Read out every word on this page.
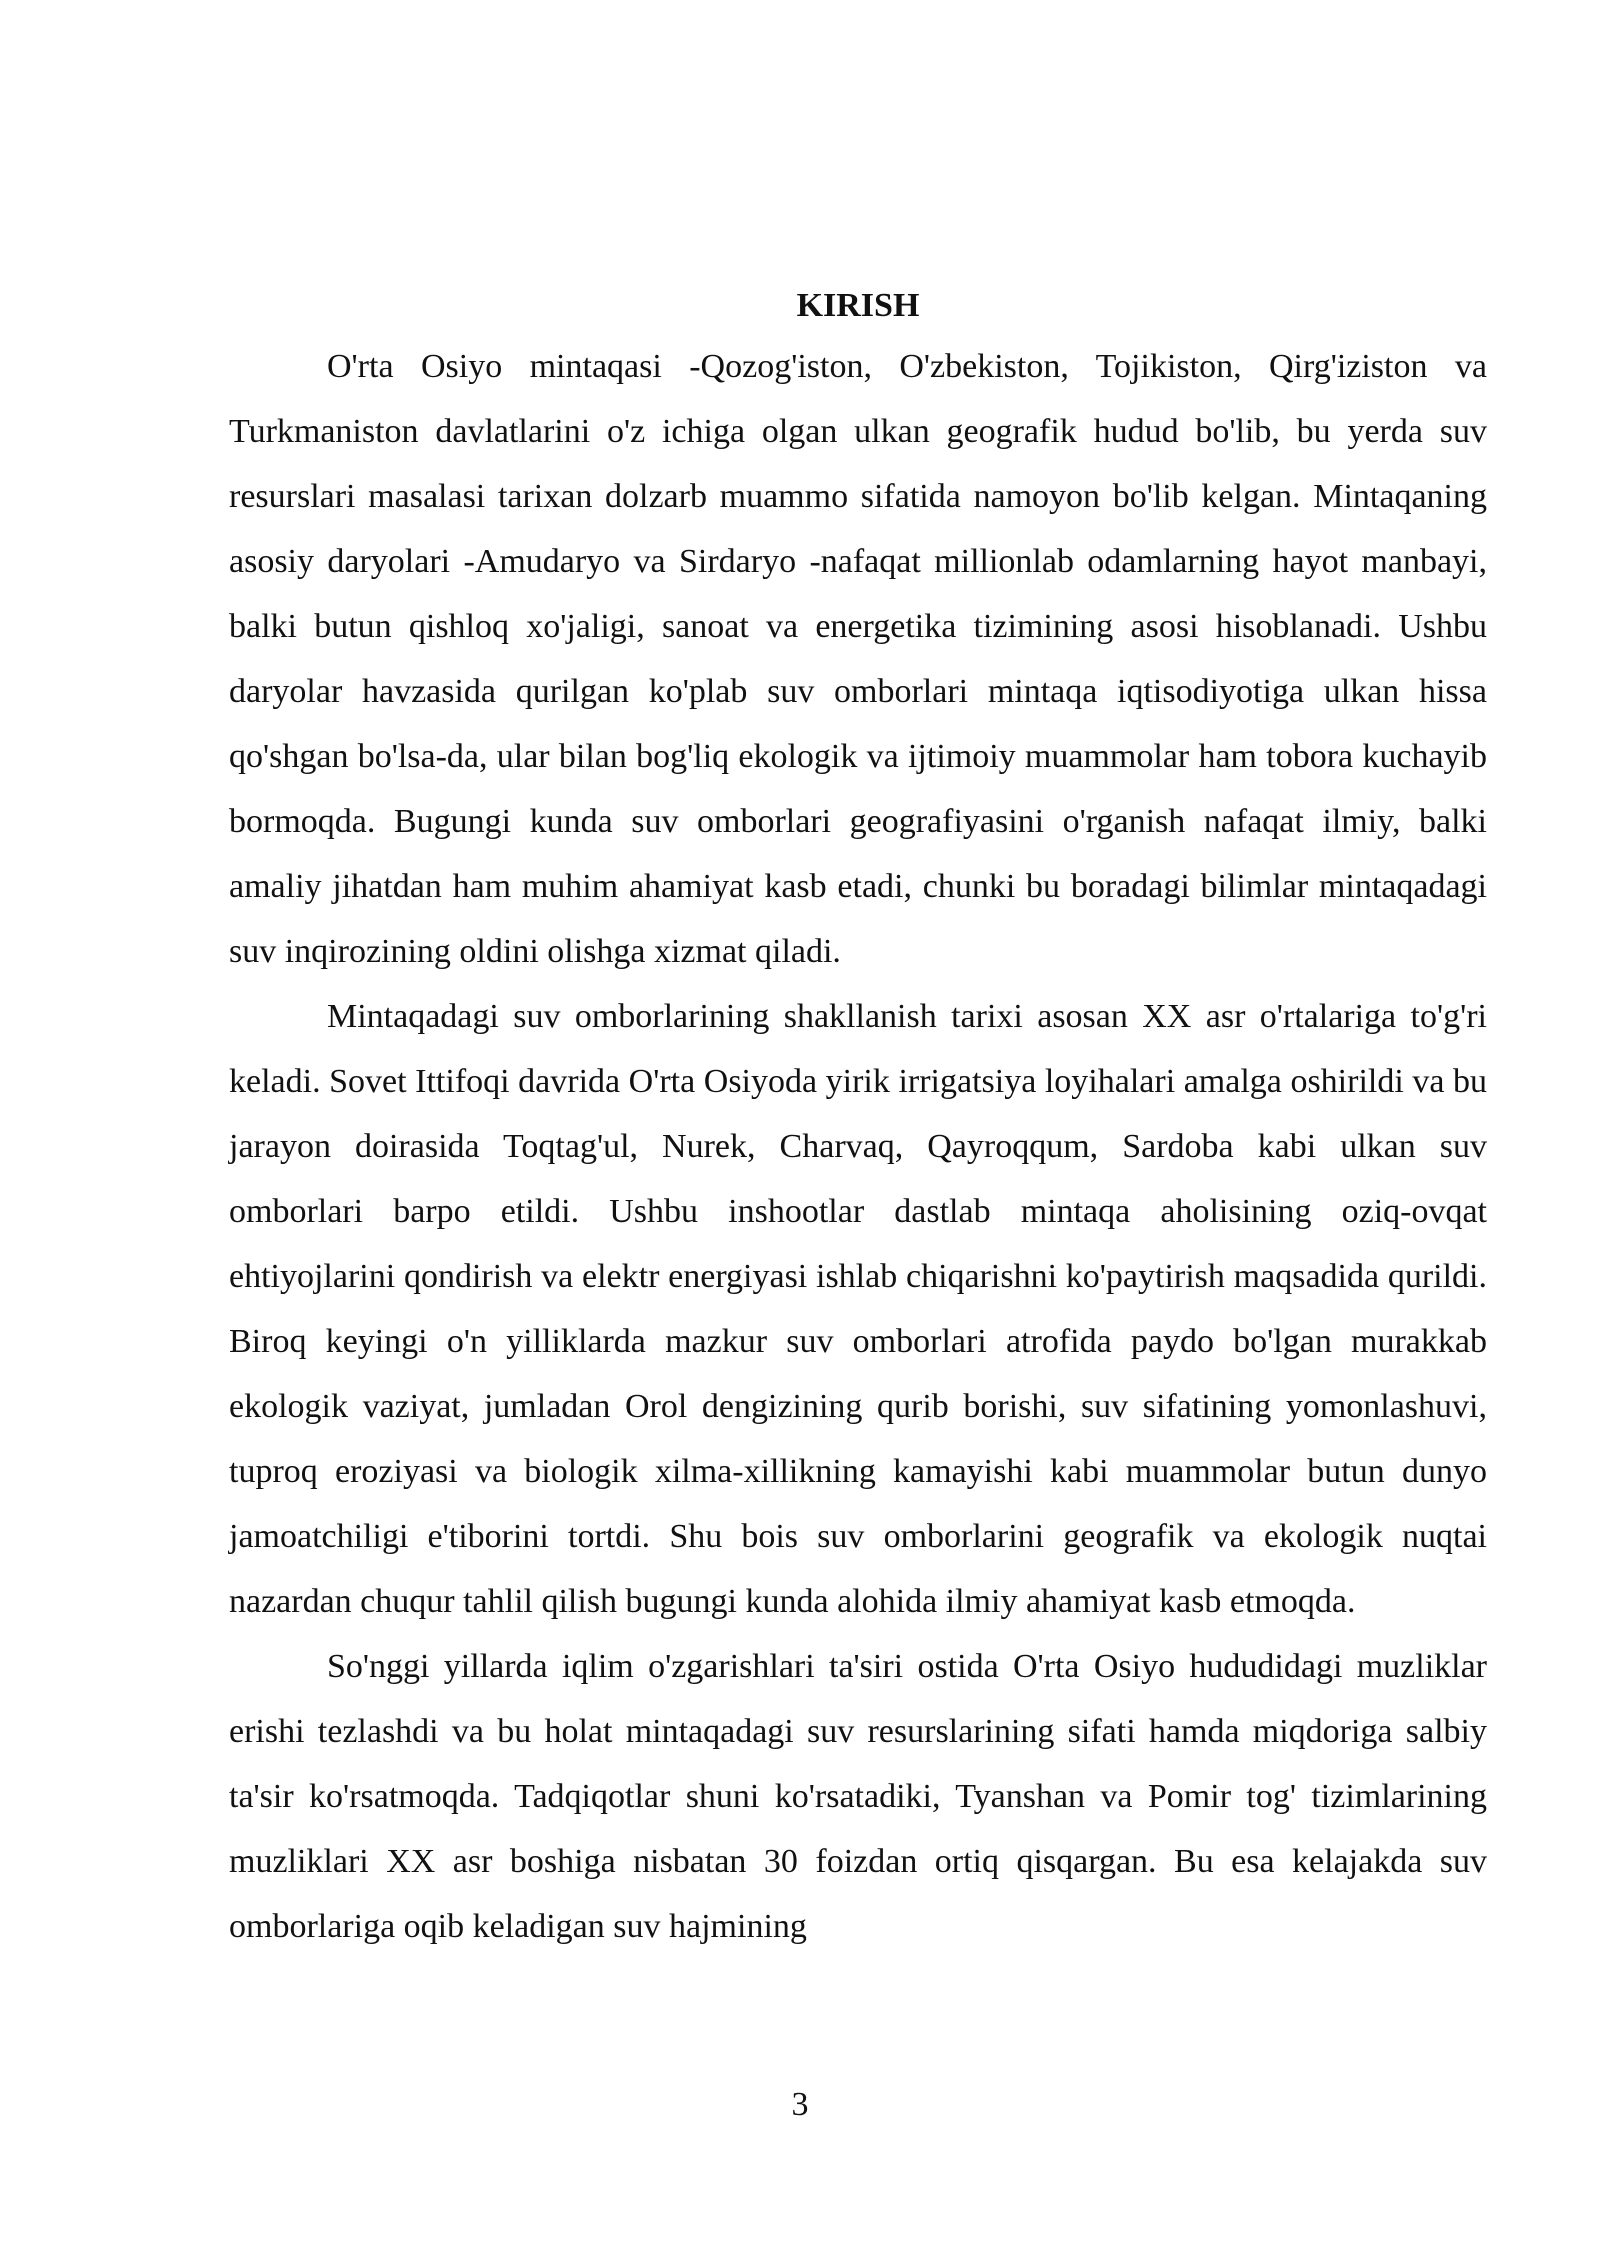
KIRISH

O'rta Osiyo mintaqasi -Qozog'iston, O'zbekiston, Tojikiston, Qirg'iziston va Turkmaniston davlatlarini o'z ichiga olgan ulkan geografik hudud bo'lib, bu yerda suv resurslari masalasi tarixan dolzarb muammo sifatida namoyon bo'lib kelgan. Mintaqaning asosiy daryolari -Amudaryo va Sirdaryo -nafaqat millionlab odamlarning hayot manbayi, balki butun qishloq xo'jaligi, sanoat va energetika tizimining asosi hisoblanadi. Ushbu daryolar havzasida qurilgan ko'plab suv omborlari mintaqa iqtisodiyotiga ulkan hissa qo'shgan bo'lsa-da, ular bilan bog'liq ekologik va ijtimoiy muammolar ham tobora kuchayib bormoqda. Bugungi kunda suv omborlari geografiyasini o'rganish nafaqat ilmiy, balki amaliy jihatdan ham muhim ahamiyat kasb etadi, chunki bu boradagi bilimlar mintaqadagi suv inqirozining oldini olishga xizmat qiladi.

Mintaqadagi suv omborlarining shakllanish tarixi asosan XX asr o'rtalariga to'g'ri keladi. Sovet Ittifoqi davrida O'rta Osiyoda yirik irrigatsiya loyihalari amalga oshirildi va bu jarayon doirasida Toqtag'ul, Nurek, Charvaq, Qayroqqum, Sardoba kabi ulkan suv omborlari barpo etildi. Ushbu inshootlar dastlab mintaqa aholisining oziq-ovqat ehtiyojlarini qondirish va elektr energiyasi ishlab chiqarishni ko'paytirish maqsadida qurildi. Biroq keyingi o'n yilliklarda mazkur suv omborlari atrofida paydo bo'lgan murakkab ekologik vaziyat, jumladan Orol dengizining qurib borishi, suv sifatining yomonlashuvi, tuproq eroziyasi va biologik xilma-xillikning kamayishi kabi muammolar butun dunyo jamoatchiligi e'tiborini tortdi. Shu bois suv omborlarini geografik va ekologik nuqtai nazardan chuqur tahlil qilish bugungi kunda alohida ilmiy ahamiyat kasb etmoqda.

So'nggi yillarda iqlim o'zgarishlari ta'siri ostida O'rta Osiyo hududidagi muzliklar erishi tezlashdi va bu holat mintaqadagi suv resurslarining sifati hamda miqdoriga salbiy ta'sir ko'rsatmoqda. Tadqiqotlar shuni ko'rsatadiki, Tyanshan va Pomir tog' tizimlarining muzliklari XX asr boshiga nisbatan 30 foizdan ortiq qisqargan. Bu esa kelajakda suv omborlariga oqib keladigan suv hajmining

3
